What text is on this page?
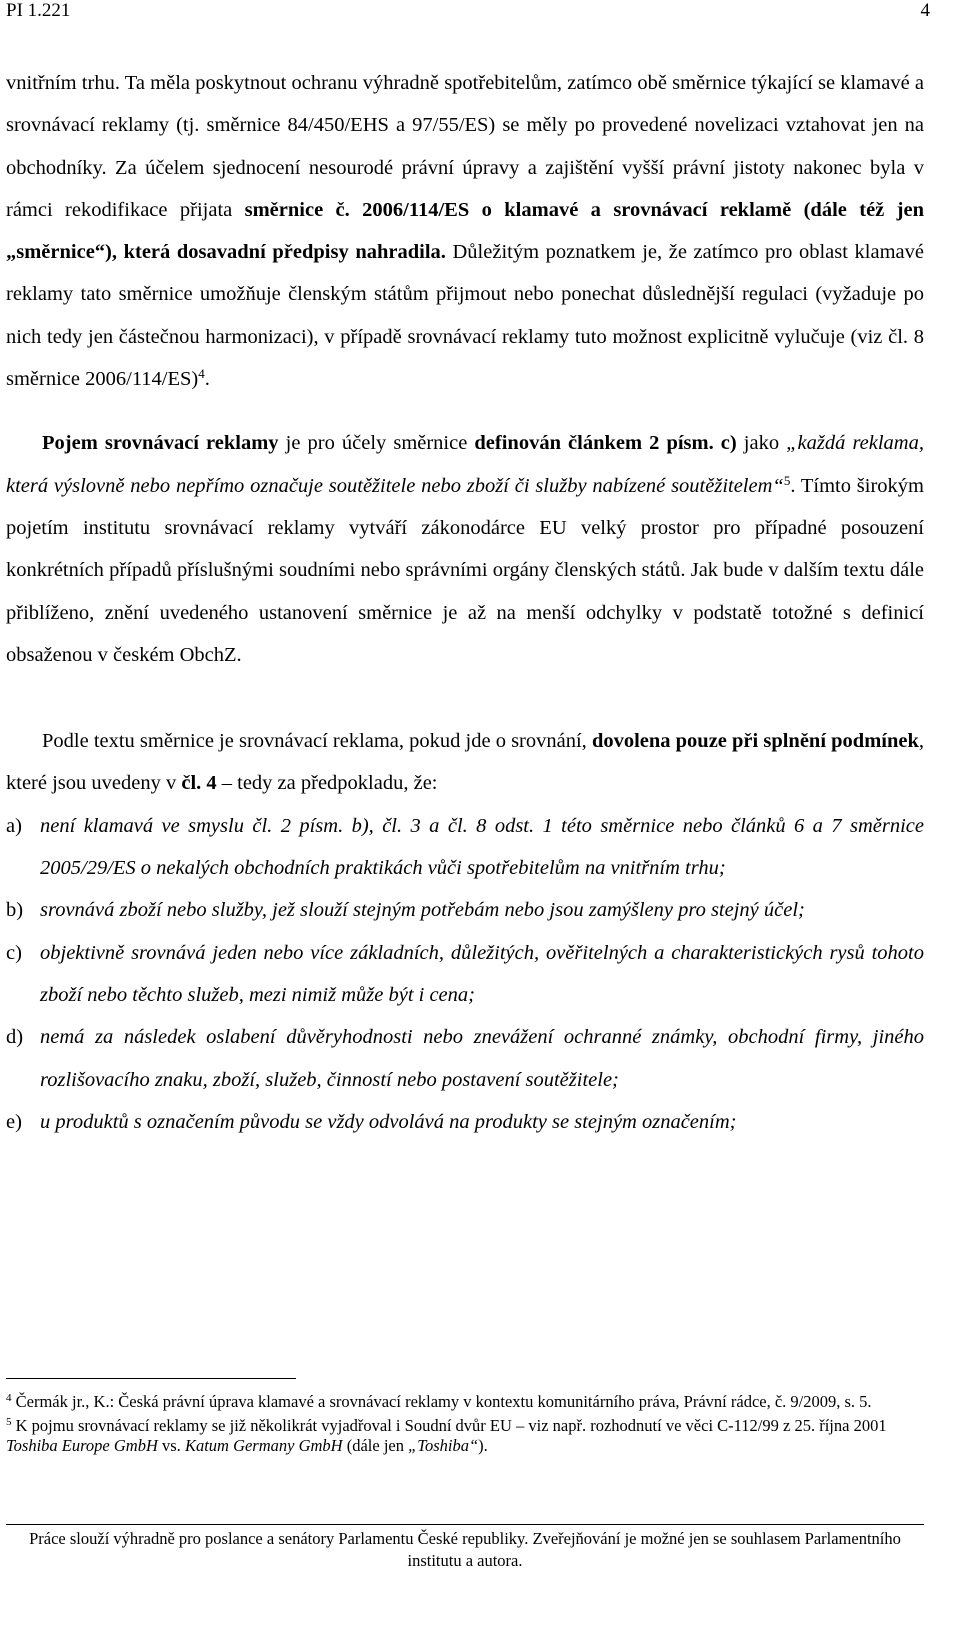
PI 1.221	4

vnitřním trhu. Ta měla poskytnout ochranu výhradně spotřebitelům, zatímco obě směrnice týkající se klamavé a srovnávací reklamy (tj. směrnice 84/450/EHS a 97/55/ES) se měly po provedené novelizaci vztahovat jen na obchodníky. Za účelem sjednocení nesourodé právní úpravy a zajištění vyšší právní jistoty nakonec byla v rámci rekodifikace přijata směrnice č. 2006/114/ES o klamavé a srovnávací reklamě (dále též jen „směrnice“), která dosavadní předpisy nahradila. Důležitým poznatkem je, že zatímco pro oblast klamavé reklamy tato směrnice umožňuje členským státům přijmout nebo ponechat důslednější regulaci (vyžaduje po nich tedy jen částečnou harmonizaci), v případě srovnávací reklamy tuto možnost explicitně vylučuje (viz čl. 8 směrnice 2006/114/ES)$^4$.

Pojem srovnávací reklamy je pro účely směrnice definován článkem 2 písm. c) jako „každá reklama, která výslovně nebo nepřímo označuje soutěžitele nebo zboží či služby nabízené soutěžitelem“$^5$. Tímto širokým pojetím institutu srovnávací reklamy vytváří zákonodárce EU velký prostor pro případné posouzení konkrétních případů příslušnými soudními nebo správními orgány členských států. Jak bude v dalším textu dále přiblíženo, znění uvedeného ustanovení směrnice je až na menší odchylky v podstatě totožné s definicí obsaženou v českém ObchZ.

Podle textu směrnice je srovnávací reklama, pokud jde o srovnání, dovolena pouze při splnění podmínek, které jsou uvedeny v čl. 4 – tedy za předpokladu, že:

a) není klamavá ve smyslu čl. 2 písm. b), čl. 3 a čl. 8 odst. 1 této směrnice nebo článků 6 a 7 směrnice 2005/29/ES o nekalých obchodních praktikách vůči spotřebitelům na vnitřním trhu;
b) srovnává zboží nebo služby, jež slouží stejným potřebám nebo jsou zamýšleny pro stejný účel;
c) objektivně srovnává jeden nebo více základních, důležitých, ověřitelných a charakteristických rysů tohoto zboží nebo těchto služeb, mezi nimiž může být i cena;
d) nemá za následek oslabení důvěryhodnosti nebo znevážení ochranné známky, obchodní firmy, jiného rozlišovacího znaku, zboží, služeb, činností nebo postavení soutěžitele;
e) u produktů s označením původu se vždy odvolává na produkty se stejným označením;

$^4$ Čermák jr., K.: Česká právní úprava klamavé a srovnávací reklamy v kontextu komunitárního práva, Právní rádce, č. 9/2009, s. 5.

$^5$ K pojmu srovnávací reklamy se již několikrát vyjadřoval i Soudní dvůr EU – viz např. rozhodnutí ve věci C-112/99 z 25. října 2001 Toshiba Europe GmbH vs. Katum Germany GmbH (dále jen „Toshiba“).

Práce slouží výhradně pro poslance a senátory Parlamentu České republiky. Zveřejňování je možné jen se souhlasem Parlamentního institutu a autora.
